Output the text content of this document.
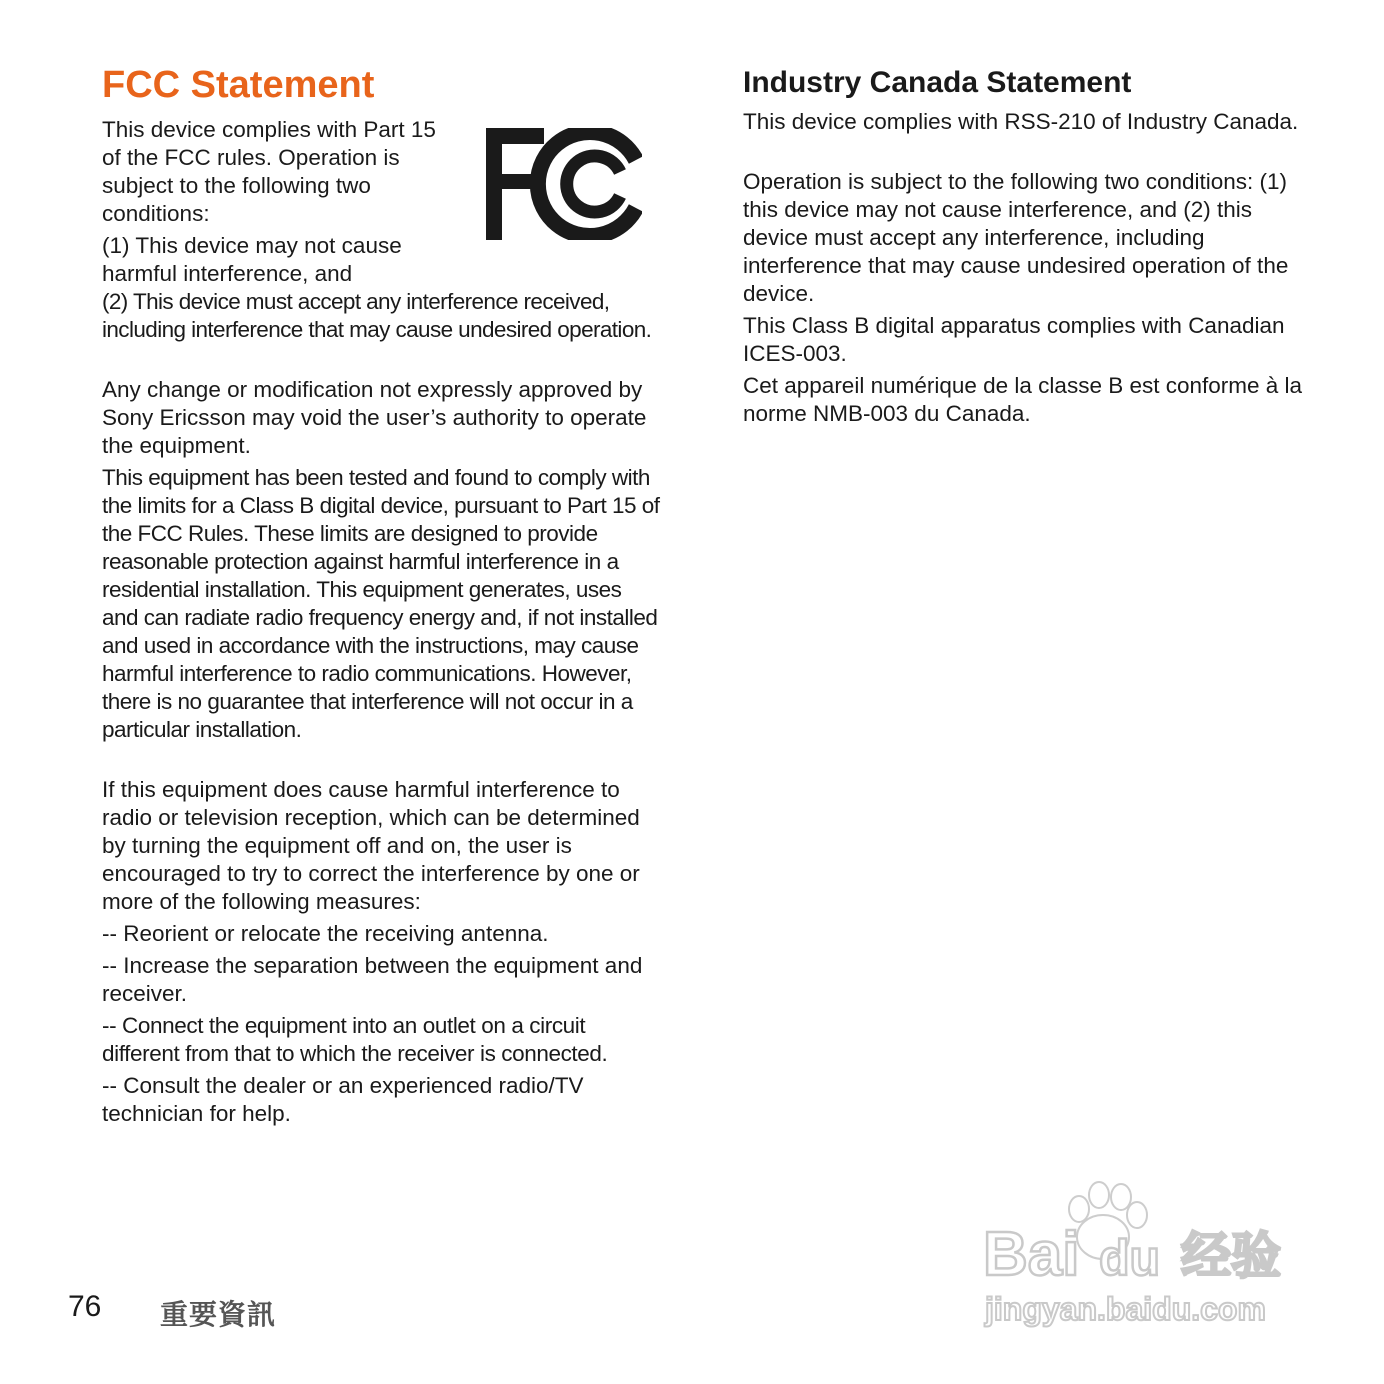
FCC Statement

This device complies with Part 15 of the FCC rules. Operation is subject to the following two conditions:

(1) This device may not cause harmful interference, and

(2) This device must accept any interference received, including interference that may cause undesired operation.

Any change or modification not expressly approved by Sony Ericsson may void the user’s authority to operate the equipment.

This equipment has been tested and found to comply with the limits for a Class B digital device, pursuant to Part 15 of the FCC Rules. These limits are designed to provide reasonable protection against harmful interference in a residential installation. This equipment generates, uses and can radiate radio frequency energy and, if not installed and used in accordance with the instructions, may cause harmful interference to radio communications. However, there is no guarantee that interference will not occur in a particular installation.

If this equipment does cause harmful interference to radio or television reception, which can be determined by turning the equipment off and on, the user is encouraged to try to correct the interference by one or more of the following measures:

-- Reorient or relocate the receiving antenna.

-- Increase the separation between the equipment and receiver.

-- Connect the equipment into an outlet on a circuit different from that to which the receiver is connected.

-- Consult the dealer or an experienced radio/TV technician for help.

Industry Canada Statement

This device complies with RSS-210 of Industry Canada.

Operation is subject to the following two conditions: (1) this device may not cause interference, and (2) this device must accept any interference, including interference that may cause undesired operation of the device.

This Class B digital apparatus complies with Canadian ICES-003.

Cet appareil numérique de la classe B est conforme à la norme NMB-003 du Canada.

76 重要資訊
Bai du 经验
jingyan.baidu.com
